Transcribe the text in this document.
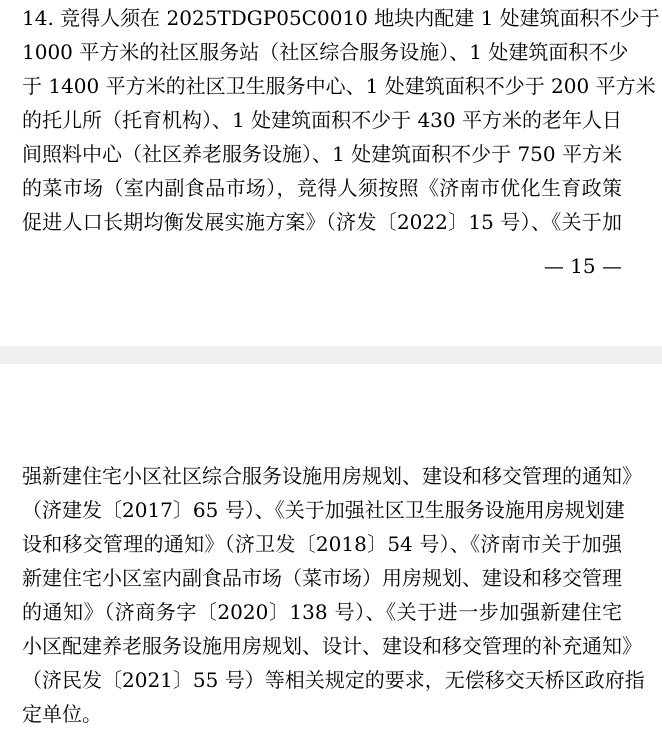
14. 竞得人须在 2025TDGP05C0010 地块内配建 1 处建筑面积不少于
1000 平方米的社区服务站（社区综合服务设施）、1 处建筑面积不少
于 1400 平方米的社区卫生服务中心、1 处建筑面积不少于 200 平方米
的托儿所（托育机构）、1 处建筑面积不少于 430 平方米的老年人日
间照料中心（社区养老服务设施）、1 处建筑面积不少于 750 平方米
的菜市场（室内副食品市场），竞得人须按照《济南市优化生育政策
促进人口长期均衡发展实施方案》（济发〔2022〕15 号）、《关于加
— 15 —
强新建住宅小区社区综合服务设施用房规划、建设和移交管理的通知》
（济建发〔2017〕65 号）、《关于加强社区卫生服务设施用房规划建
设和移交管理的通知》（济卫发〔2018〕54 号）、《济南市关于加强
新建住宅小区室内副食品市场（菜市场）用房规划、建设和移交管理
的通知》（济商务字〔2020〕138 号）、《关于进一步加强新建住宅
小区配建养老服务设施用房规划、设计、建设和移交管理的补充通知》
（济民发〔2021〕55 号）等相关规定的要求，无偿移交天桥区政府指
定单位。
